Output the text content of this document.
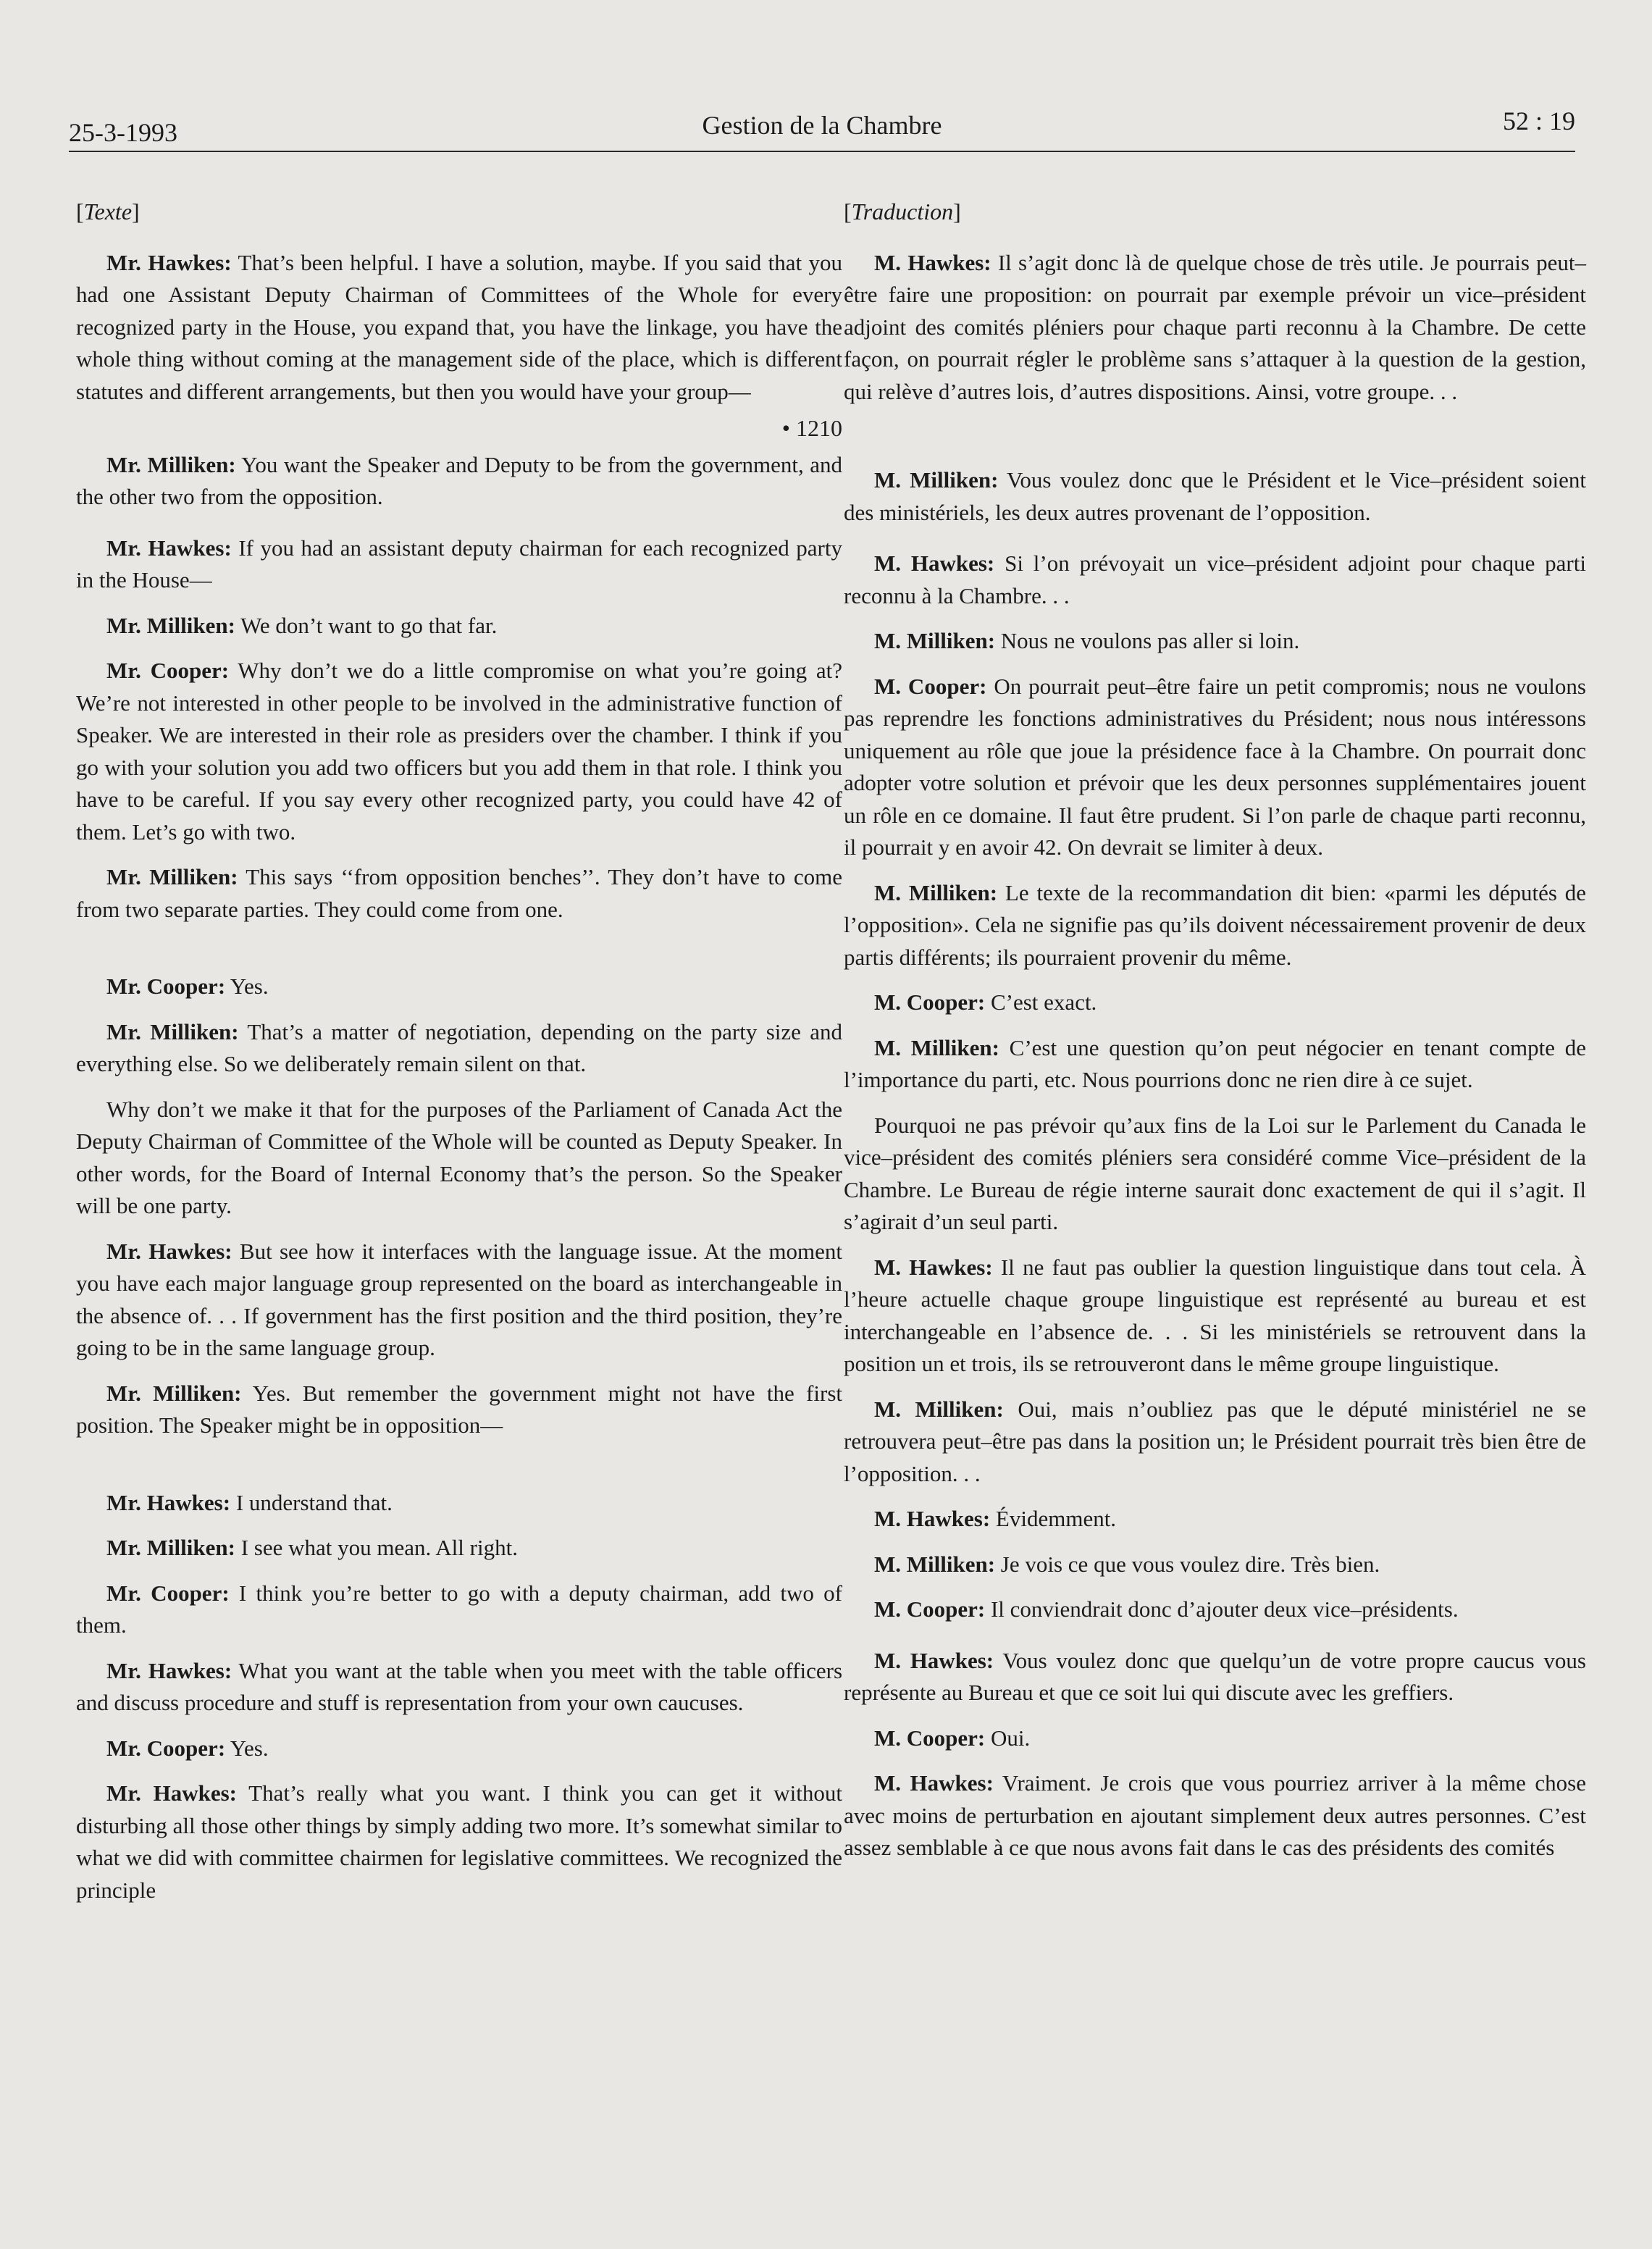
25-3-1993	Gestion de la Chambre	52 : 19

[Texte]

Mr. Hawkes: That’s been helpful. I have a solution, maybe. If you said that you had one Assistant Deputy Chairman of Committees of the Whole for every recognized party in the House, you expand that, you have the linkage, you have the whole thing without coming at the management side of the place, which is different statutes and different arrangements, but then you would have your group—

• 1210

Mr. Milliken: You want the Speaker and Deputy to be from the government, and the other two from the opposition.

Mr. Hawkes: If you had an assistant deputy chairman for each recognized party in the House—

Mr. Milliken: We don’t want to go that far.

Mr. Cooper: Why don’t we do a little compromise on what you’re going at? We’re not interested in other people to be involved in the administrative function of Speaker. We are interested in their role as presiders over the chamber. I think if you go with your solution you add two officers but you add them in that role. I think you have to be careful. If you say every other recognized party, you could have 42 of them. Let’s go with two.

Mr. Milliken: This says ‘‘from opposition benches’’. They don’t have to come from two separate parties. They could come from one.

Mr. Cooper: Yes.

Mr. Milliken: That’s a matter of negotiation, depending on the party size and everything else. So we deliberately remain silent on that.

Why don’t we make it that for the purposes of the Parliament of Canada Act the Deputy Chairman of Committee of the Whole will be counted as Deputy Speaker. In other words, for the Board of Internal Economy that’s the person. So the Speaker will be one party.

Mr. Hawkes: But see how it interfaces with the language issue. At the moment you have each major language group represented on the board as interchangeable in the absence of. . . If government has the first position and the third position, they’re going to be in the same language group.

Mr. Milliken: Yes. But remember the government might not have the first position. The Speaker might be in opposition—

Mr. Hawkes: I understand that.

Mr. Milliken: I see what you mean. All right.

Mr. Cooper: I think you’re better to go with a deputy chairman, add two of them.

Mr. Hawkes: What you want at the table when you meet with the table officers and discuss procedure and stuff is representation from your own caucuses.

Mr. Cooper: Yes.

Mr. Hawkes: That’s really what you want. I think you can get it without disturbing all those other things by simply adding two more. It’s somewhat similar to what we did with committee chairmen for legislative committees. We recognized the principle

[Traduction]

M. Hawkes: Il s’agit donc là de quelque chose de très utile. Je pourrais peut–être faire une proposition: on pourrait par exemple prévoir un vice–président adjoint des comités pléniers pour chaque parti reconnu à la Chambre. De cette façon, on pourrait régler le problème sans s’attaquer à la question de la gestion, qui relève d’autres lois, d’autres dispositions. Ainsi, votre groupe. . .

M. Milliken: Vous voulez donc que le Président et le Vice–président soient des ministériels, les deux autres provenant de l’opposition.

M. Hawkes: Si l’on prévoyait un vice–président adjoint pour chaque parti reconnu à la Chambre. . .

M. Milliken: Nous ne voulons pas aller si loin.

M. Cooper: On pourrait peut–être faire un petit compromis; nous ne voulons pas reprendre les fonctions administratives du Président; nous nous intéressons uniquement au rôle que joue la présidence face à la Chambre. On pourrait donc adopter votre solution et prévoir que les deux personnes supplémentaires jouent un rôle en ce domaine. Il faut être prudent. Si l’on parle de chaque parti reconnu, il pourrait y en avoir 42. On devrait se limiter à deux.

M. Milliken: Le texte de la recommandation dit bien: «parmi les députés de l’opposition». Cela ne signifie pas qu’ils doivent nécessairement provenir de deux partis différents; ils pourraient provenir du même.

M. Cooper: C’est exact.

M. Milliken: C’est une question qu’on peut négocier en tenant compte de l’importance du parti, etc. Nous pourrions donc ne rien dire à ce sujet.

Pourquoi ne pas prévoir qu’aux fins de la Loi sur le Parlement du Canada le vice–président des comités pléniers sera considéré comme Vice–président de la Chambre. Le Bureau de régie interne saurait donc exactement de qui il s’agit. Il s’agirait d’un seul parti.

M. Hawkes: Il ne faut pas oublier la question linguistique dans tout cela. À l’heure actuelle chaque groupe linguistique est représenté au bureau et est interchangeable en l’absence de. . . Si les ministériels se retrouvent dans la position un et trois, ils se retrouveront dans le même groupe linguistique.

M. Milliken: Oui, mais n’oubliez pas que le député ministériel ne se retrouvera peut–être pas dans la position un; le Président pourrait très bien être de l’opposition. . .

M. Hawkes: Évidemment.

M. Milliken: Je vois ce que vous voulez dire. Très bien.

M. Cooper: Il conviendrait donc d’ajouter deux vice–présidents.

M. Hawkes: Vous voulez donc que quelqu’un de votre propre caucus vous représente au Bureau et que ce soit lui qui discute avec les greffiers.

M. Cooper: Oui.

M. Hawkes: Vraiment. Je crois que vous pourriez arriver à la même chose avec moins de perturbation en ajoutant simplement deux autres personnes. C’est assez semblable à ce que nous avons fait dans le cas des présidents des comités
